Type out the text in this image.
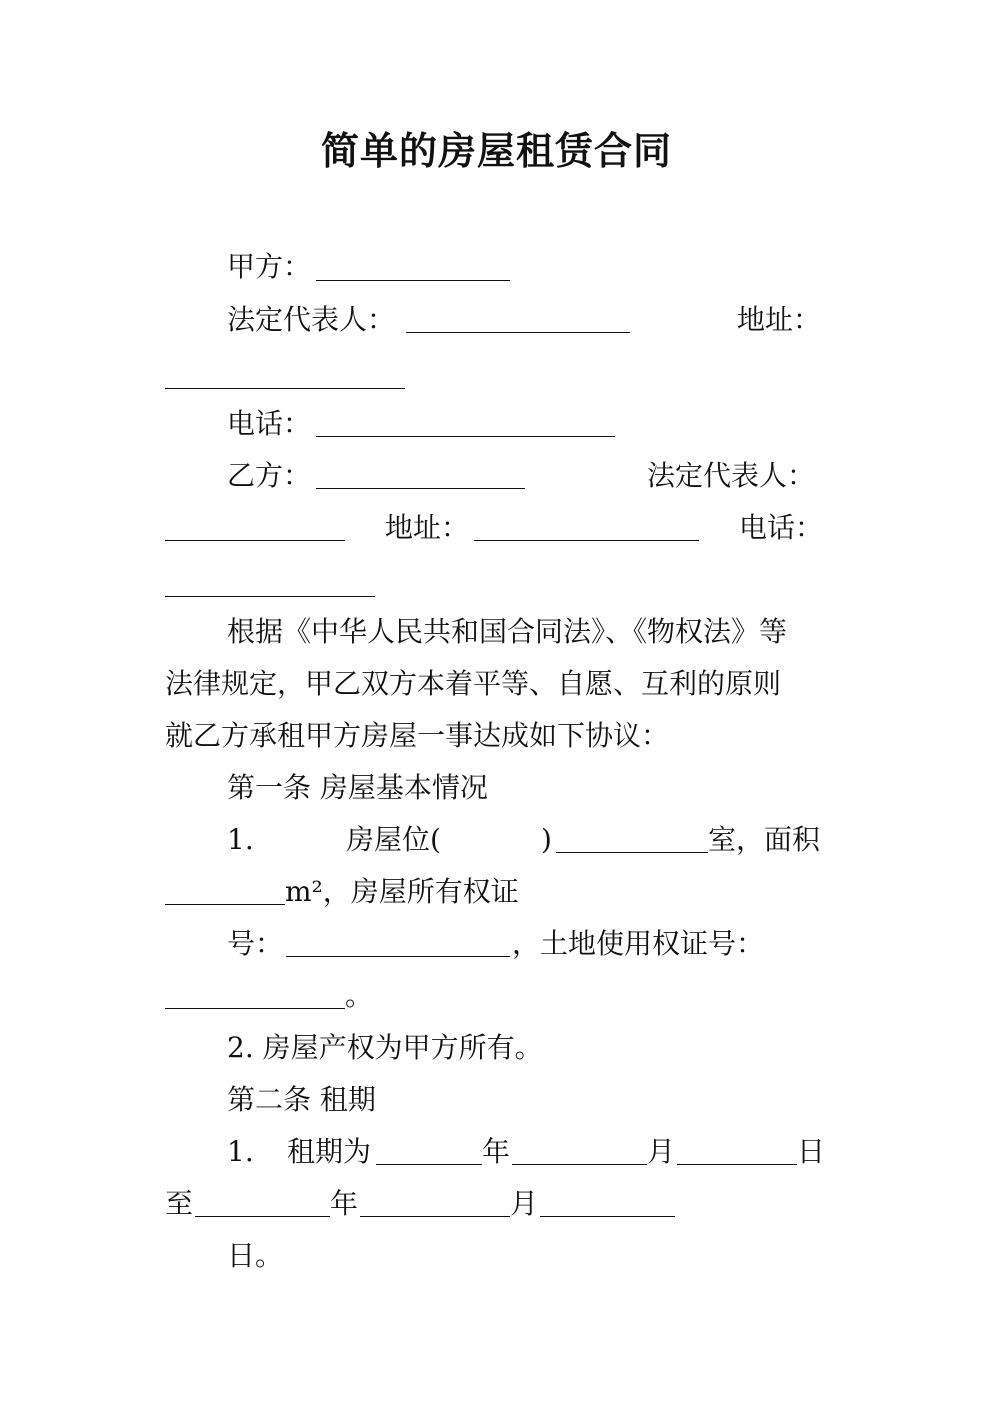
简单的房屋租赁合同
甲方：
法定代表人：	地址：
电话：
乙方：	法定代表人：
地址：	电话：
根据《中华人民共和国合同法》、《物权法》等
法律规定，甲乙双方本着平等、自愿、互利的原则
就乙方承租甲方房屋一事达成如下协议：
第一条 房屋基本情况
1.	房屋位(	)	室，面积
m²，房屋所有权证
号：	，土地使用权证号：
。
2. 房屋产权为甲方所有。
第二条 租期
1. 租期为	年	月	日
至	年	月
日。
